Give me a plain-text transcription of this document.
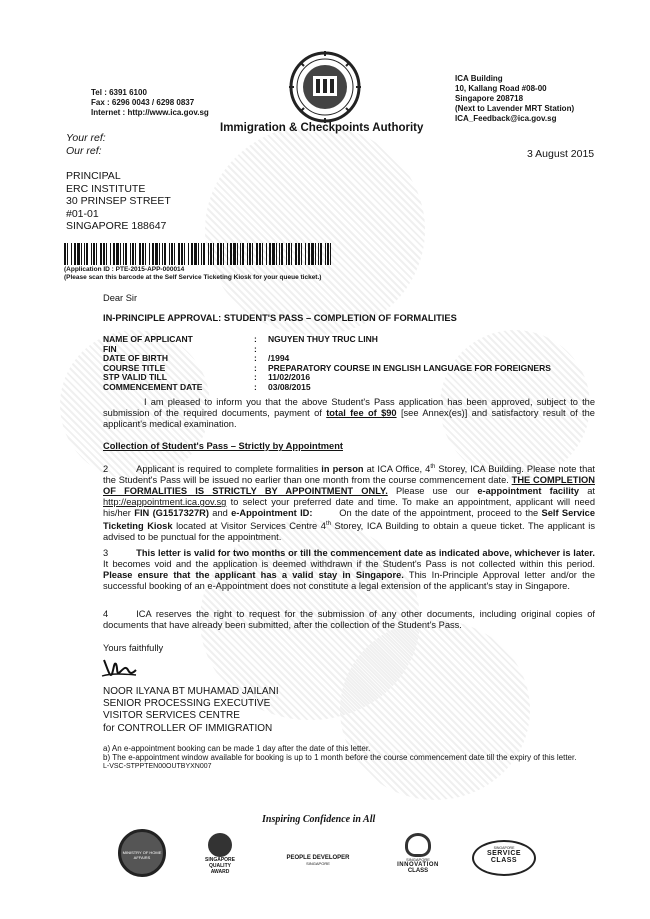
Tel : 6391 6100
Fax : 6296 0043 / 6298 0837
Internet : http://www.ica.gov.sg
ICA Building
10, Kallang Road #08-00
Singapore 208718
(Next to Lavender MRT Station)
ICA_Feedback@ica.gov.sg
Immigration & Checkpoints Authority
Your ref:
Our ref:	3 August 2015
PRINCIPAL
ERC INSTITUTE
30 PRINSEP STREET
#01-01
SINGAPORE 188647
(Application ID : PTE-2015-APP-000014
(Please scan this barcode at the Self Service Ticketing Kiosk for your queue ticket.)
Dear Sir
IN-PRINCIPLE APPROVAL: STUDENT'S PASS – COMPLETION OF FORMALITIES
NAME OF APPLICANT	:	NGUYEN THUY TRUC LINH
FIN	:
DATE OF BIRTH	:	/1994
COURSE TITLE	:	PREPARATORY COURSE IN ENGLISH LANGUAGE FOR FOREIGNERS
STP VALID TILL	:	11/02/2016
COMMENCEMENT DATE	:	03/08/2015
I am pleased to inform you that the above Student's Pass application has been approved, subject to the submission of the required documents, payment of total fee of $90 [see Annex(es)] and satisfactory result of the applicant's medical examination.
Collection of Student's Pass – Strictly by Appointment
2	Applicant is required to complete formalities in person at ICA Office, 4th Storey, ICA Building. Please note that the Student's Pass will be issued no earlier than one month from the course commencement date. THE COMPLETION OF FORMALITIES IS STRICTLY BY APPOINTMENT ONLY. Please use our e-appointment facility at http://eappointment.ica.gov.sg to select your preferred date and time. To make an appointment, applicant will need his/her FIN (G1517327R) and e-Appointment ID:        On the date of the appointment, proceed to the Self Service Ticketing Kiosk located at Visitor Services Centre 4th Storey, ICA Building to obtain a queue ticket. The applicant is advised to be punctual for the appointment.
3	This letter is valid for two months or till the commencement date as indicated above, whichever is later. It becomes void and the application is deemed withdrawn if the Student's Pass is not collected within this period. Please ensure that the applicant has a valid stay in Singapore. This In-Principle Approval letter and/or the successful booking of an e-Appointment does not constitute a legal extension of the applicant's stay in Singapore.
4	ICA reserves the right to request for the submission of any other documents, including original copies of documents that have already been submitted, after the collection of the Student's Pass.
Yours faithfully
NOOR ILYANA BT MUHAMAD JAILANI
SENIOR PROCESSING EXECUTIVE
VISITOR SERVICES CENTRE
for CONTROLLER OF IMMIGRATION
a) An e-appointment booking can be made 1 day after the date of this letter.
b) The e-appointment window available for booking is up to 1 month before the course commencement date till the expiry of this letter.
L-VSC-STPPTEN00OUTBYXN007
Inspiring Confidence in All
MINISTRY OF HOME AFFAIRS	SINGAPORE
QUALITY
AWARD
PEOPLE DEVELOPER
SINGAPORE
SINGAPORE
INNOVATION
CLASS
SINGAPORE
SERVICE
CLASS
